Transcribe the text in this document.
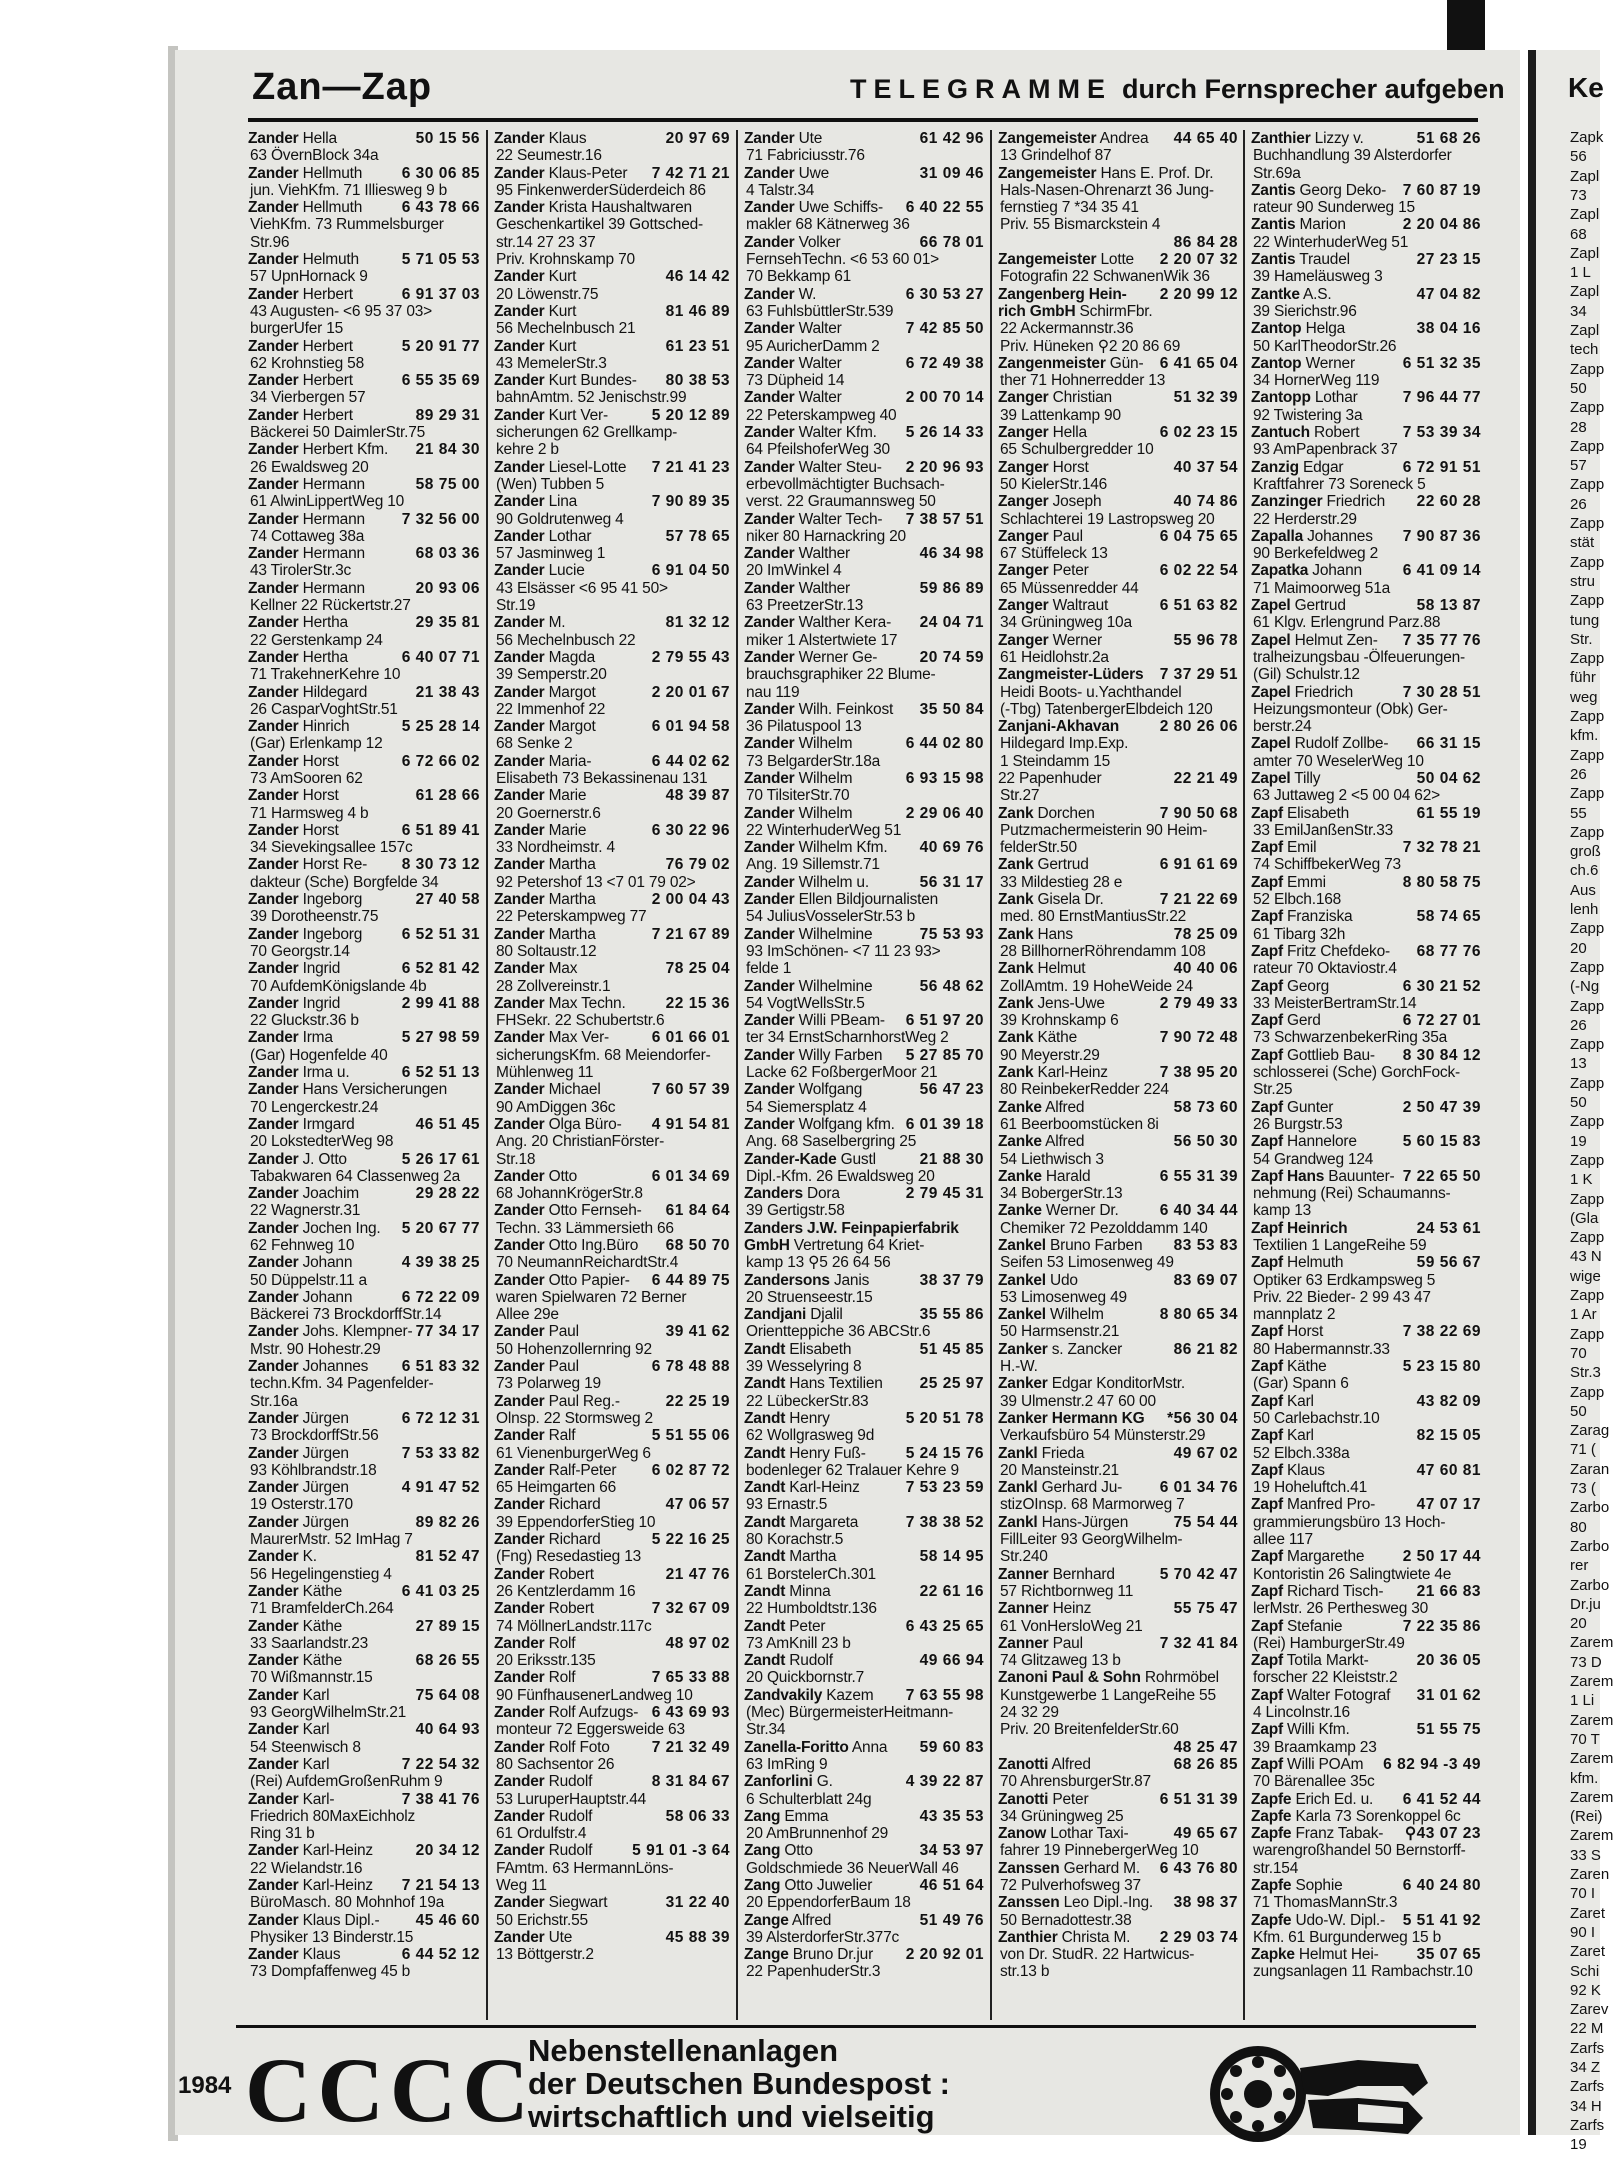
Ke
Zapk
56
Zapl
73
Zapl
68
Zapl
1 L
Zapl
34
Zapl
tech
Zapp
50
Zapp
28
Zapp
57
Zapp
26
Zapp
stät
Zapp
stru
Zapp
tung
Str.
Zapp
führ
weg
Zapp
kfm.
Zapp
26
Zapp
55
Zapp
groß
ch.6
Aus
lenh
Zapp
20
Zapp
(-Ng
Zapp
26
Zapp
13
Zapp
50
Zapp
19
Zapp
1 K
Zapp
(Gla
Zapp
43 N
wige
Zapp
1 Ar
Zapp
70
Str.3
Zapp
50
Zarag
71 (
Zaran
73 (
Zarbo
80
Zarbo
rer
Zarbo
Dr.ju
20
Zarem
73 D
Zarem
1 Li
Zarem
70 T
Zarem
kfm.
Zarem
(Rei)
Zarem
33 S
Zaren
70 I
Zaret
90 I
Zaret
Schi
92 K
Zarev
22 M
Zarfs
34 Z
Zarfs
34 H
Zarfs
19
Zan—Zap	TELEGRAMME durch Fernsprecher aufgeben
Zander Hella	50 15 56
63 ÖvernBlock 34a
Zander Hellmuth	6 30 06 85
jun. ViehKfm. 71 Illiesweg 9 b
Zander Hellmuth	6 43 78 66
ViehKfm. 73 Rummelsburger
Str.96
Zander Helmuth	5 71 05 53
57 UpnHornack 9
Zander Herbert	6 91 37 03
43 Augusten- <6 95 37 03>
burgerUfer 15
Zander Herbert	5 20 91 77
62 Krohnstieg 58
Zander Herbert	6 55 35 69
34 Vierbergen 57
Zander Herbert	89 29 31
Bäckerei 50 DaimlerStr.75
Zander Herbert Kfm. 21 84 30
26 Ewaldsweg 20
Zander Hermann	58 75 00
61 AlwinLippertWeg 10
Zander Hermann 7 32 56 00
74 Cottaweg 38a
Zander Hermann	68 03 36
43 TirolerStr.3c
Zander Hermann	20 93 06
Kellner 22 Rückertstr.27
Zander Hertha	29 35 81
22 Gerstenkamp 24
Zander Hertha	6 40 07 71
71 TrakehnerKehre 10
Zander Hildegard	21 38 43
26 CasparVoghtStr.51
Zander Hinrich	5 25 28 14
(Gar) Erlenkamp 12
Zander Horst	6 72 66 02
73 AmSooren 62
Zander Horst	61 28 66
71 Harmsweg 4 b
Zander Horst	6 51 89 41
34 Sievekingsallee 157c
Zander Horst Re- 8 30 73 12
dakteur (Sche) Borgfelde 34
Zander Ingeborg	27 40 58
39 Dorotheenstr.75
Zander Ingeborg	6 52 51 31
70 Georgstr.14
Zander Ingrid	6 52 81 42
70 AufdemKönigslande 4b
Zander Ingrid	2 99 41 88
22 Gluckstr.36 b
Zander Irma	5 27 98 59
(Gar) Hogenfelde 40
Zander Irma u.	6 52 51 13
Zander Hans Versicherungen
70 Lengerckestr.24
Zander Irmgard	46 51 45
20 LokstedterWeg 98
Zander J. Otto	5 26 17 61
Tabakwaren 64 Classenweg 2a
Zander Joachim	29 28 22
22 Wagnerstr.31
Zander Jochen Ing. 5 20 67 77
62 Fehnweg 10
Zander Johann	4 39 38 25
50 Düppelstr.11 a
Zander Johann	6 72 22 09
Bäckerei 73 BrockdorffStr.14
Zander Johs. Klempner- 77 34 17
Mstr. 90 Hohestr.29
Zander Johannes 6 51 83 32
techn.Kfm. 34 Pagenfelder-
Str.16a
Zander Jürgen	6 72 12 31
73 BrockdorffStr.56
Zander Jürgen	7 53 33 82
93 Köhlbrandstr.18
Zander Jürgen	4 91 47 52
19 Osterstr.170
Zander Jürgen	89 82 26
MaurerMstr. 52 ImHag 7
Zander K.	81 52 47
56 Hegelingenstieg 4
Zander Käthe	6 41 03 25
71 BramfelderCh.264
Zander Käthe	27 89 15
33 Saarlandstr.23
Zander Käthe	68 26 55
70 Wißmannstr.15
Zander Karl	75 64 08
93 GeorgWilhelmStr.21
Zander Karl	40 64 93
54 Steenwisch 8
Zander Karl	7 22 54 32
(Rei) AufdemGroßenRuhm 9
Zander Karl-	7 38 41 76
Friedrich 80MaxEichholz
Ring 31 b
Zander Karl-Heinz	20 34 12
22 Wielandstr.16
Zander Karl-Heinz 7 21 54 13
BüroMasch. 80 Mohnhof 19a
Zander Klaus Dipl.- 45 46 60
Physiker 13 Binderstr.15
Zander Klaus	6 44 52 12
73 Dompfaffenweg 45 b
Zander Klaus	20 97 69
22 Seumestr.16
Zander Klaus-Peter 7 42 71 21
95 FinkenwerderSüderdeich 86
Zander Krista Haushaltwaren
Geschenkartikel 39 Gottsched-
str.14 27 23 37
Priv. Krohnskamp 70
Zander Kurt	46 14 42
20 Löwenstr.75
Zander Kurt	81 46 89
56 Mechelnbusch 21
Zander Kurt	61 23 51
43 MemelerStr.3
Zander Kurt Bundes- 80 38 53
bahnAmtm. 52 Jenischstr.99
Zander Kurt Ver-	5 20 12 89
sicherungen 62 Grellkamp-
kehre 2 b
Zander Liesel-Lotte 7 21 41 23
(Wen) Tubben 5
Zander Lina	7 90 89 35
90 Goldrutenweg 4
Zander Lothar	57 78 65
57 Jasminweg 1
Zander Lucie	6 91 04 50
43 Elsässer <6 95 41 50>
Str.19
Zander M.	81 32 12
56 Mechelnbusch 22
Zander Magda	2 79 55 43
39 Semperstr.20
Zander Margot	2 20 01 67
22 Immenhof 22
Zander Margot	6 01 94 58
68 Senke 2
Zander Maria-	6 44 02 62
Elisabeth 73 Bekassinenau 131
Zander Marie	48 39 87
20 Goernerstr.6
Zander Marie	6 30 22 96
33 Nordheimstr. 4
Zander Martha	76 79 02
92 Petershof 13 <7 01 79 02>
Zander Martha	2 00 04 43
22 Peterskampweg 77
Zander Martha	7 21 67 89
80 Soltaustr.12
Zander Max	78 25 04
28 Zollvereinstr.1
Zander Max Techn.	22 15 36
FHSekr. 22 Schubertstr.6
Zander Max Ver-	6 01 66 01
sicherungsKfm. 68 Meiendorfer-
Mühlenweg 11
Zander Michael	7 60 57 39
90 AmDiggen 36c
Zander Olga Büro- 4 91 54 81
Ang. 20 ChristianFörster-
Str.18
Zander Otto	6 01 34 69
68 JohannKrögerStr.8
Zander Otto Fernseh- 61 84 64
Techn. 33 Lämmersieth 66
Zander Otto Ing.Büro 68 50 70
70 NeumannReichardtStr.4
Zander Otto Papier- 6 44 89 75
waren Spielwaren 72 Berner
Allee 29e
Zander Paul	39 41 62
50 Hohenzollernring 92
Zander Paul	6 78 48 88
73 Polarweg 19
Zander Paul Reg.-	22 25 19
Olnsp. 22 Stormsweg 2
Zander Ralf	5 51 55 06
61 VienenburgerWeg 6
Zander Ralf-Peter 6 02 87 72
65 Heimgarten 66
Zander Richard	47 06 57
39 EppendorferStieg 10
Zander Richard	5 22 16 25
(Fng) Resedastieg 13
Zander Robert	21 47 76
26 Kentzlerdamm 16
Zander Robert	7 32 67 09
74 MöllnerLandstr.117c
Zander Rolf	48 97 02
20 Eriksstr.135
Zander Rolf	7 65 33 88
90 FünfhausenerLandweg 10
Zander Rolf Aufzugs- 6 43 69 93
monteur 72 Eggersweide 63
Zander Rolf Foto	7 21 32 49
80 Sachsentor 26
Zander Rudolf	8 31 84 67
53 LuruperHauptstr.44
Zander Rudolf	58 06 33
61 Ordulfstr.4
Zander Rudolf	5 91 01 -3 64
FAmtm. 63 HermannLöns-
Weg 11
Zander Siegwart	31 22 40
50 Erichstr.55
Zander Ute	45 88 39
13 Böttgerstr.2
Zander Ute	61 42 96
71 Fabriciusstr.76
Zander Uwe	31 09 46
4 Talstr.34
Zander Uwe Schiffs- 6 40 22 55
makler 68 Kätnerweg 36
Zander Volker	66 78 01
FernsehTechn. <6 53 60 01>
70 Bekkamp 61
Zander W.	6 30 53 27
63 FuhlsbüttlerStr.539
Zander Walter	7 42 85 50
95 AuricherDamm 2
Zander Walter	6 72 49 38
73 Düpheid 14
Zander Walter	2 00 70 14
22 Peterskampweg 40
Zander Walter Kfm. 5 26 14 33
64 PfeilshoferWeg 30
Zander Walter Steu- 2 20 96 93
erbevollmächtigter Buchsach-
verst. 22 Graumannsweg 50
Zander Walter Tech- 7 38 57 51
niker 80 Harnackring 20
Zander Walther	46 34 98
20 ImWinkel 4
Zander Walther	59 86 89
63 PreetzerStr.13
Zander Walther Kera- 24 04 71
miker 1 Alstertwiete 17
Zander Werner Ge-	20 74 59
brauchsgraphiker 22 Blume-
nau 119
Zander Wilh. Feinkost 35 50 84
36 Pilatuspool 13
Zander Wilhelm	6 44 02 80
73 BelgarderStr.18a
Zander Wilhelm	6 93 15 98
70 TilsiterStr.70
Zander Wilhelm	2 29 06 40
22 WinterhuderWeg 51
Zander Wilhelm Kfm. 40 69 76
Ang. 19 Sillemstr.71
Zander Wilhelm u.	56 31 17
Zander Ellen Bildjournalisten
54 JuliusVosselerStr.53 b
Zander Wilhelmine	75 53 93
93 ImSchönen- <7 11 23 93>
felde 1
Zander Wilhelmine	56 48 62
54 VogtWellsStr.5
Zander Willi PBeam- 6 51 97 20
ter 34 ErnstScharnhorstWeg 2
Zander Willy Farben 5 27 85 70
Lacke 62 FoßbergerMoor 21
Zander Wolfgang	56 47 23
54 Siemersplatz 4
Zander Wolfgang kfm. 6 01 39 18
Ang. 68 Saselbergring 25
Zander-Kade Gustl	21 88 30
Dipl.-Kfm. 26 Ewaldsweg 20
Zanders Dora	2 79 45 31
39 Gertigstr.58
Zanders J.W. Feinpapierfabrik
GmbH Vertretung 64 Kriet-
kamp 13 ⚲5 26 64 56
Zandersons Janis	38 37 79
20 Struenseestr.15
Zandjani Djalil	35 55 86
Orientteppiche 36 ABCStr.6
Zandt Elisabeth	51 45 85
39 Wesselyring 8
Zandt Hans Textilien 25 25 97
22 LübeckerStr.83
Zandt Henry	5 20 51 78
62 Wollgrasweg 9d
Zandt Henry Fuß-	5 24 15 76
bodenleger 62 Tralauer Kehre 9
Zandt Karl-Heinz	7 53 23 59
93 Ernastr.5
Zandt Margareta	7 38 38 52
80 Korachstr.5
Zandt Martha	58 14 95
61 BorstelerCh.301
Zandt Minna	22 61 16
22 Humboldtstr.136
Zandt Peter	6 43 25 65
73 AmKnill 23 b
Zandt Rudolf	49 66 94
20 Quickbornstr.7
Zandvakily Kazem 7 63 55 98
(Mec) BürgermeisterHeitmann-
Str.34
Zanella-Foritto Anna 59 60 83
63 ImRing 9
Zanforlini G.	4 39 22 87
6 Schulterblatt 24g
Zang Emma	43 35 53
20 AmBrunnenhof 29
Zang Otto	34 53 97
Goldschmiede 36 NeuerWall 46
Zang Otto Juwelier	46 51 64
20 EppendorferBaum 18
Zange Alfred	51 49 76
39 AlsterdorferStr.377c
Zange Bruno Dr.jur 2 20 92 01
22 PapenhuderStr.3
Zangemeister Andrea 44 65 40
13 Grindelhof 87
Zangemeister Hans E. Prof. Dr.
Hals-Nasen-Ohrenarzt 36 Jung-
fernstieg 7 *34 35 41
Priv. 55 Bismarckstein 4
86 84 28
Zangemeister Lotte 2 20 07 32
Fotografin 22 SchwanenWik 36
Zangenberg Hein- 2 20 99 12
rich GmbH SchirmFbr.
22 Ackermannstr.36
Priv. Hüneken ⚲2 20 86 69
Zangenmeister Gün- 6 41 65 04
ther 71 Hohnerredder 13
Zanger Christian	51 32 39
39 Lattenkamp 90
Zanger Hella	6 02 23 15
65 Schulbergredder 10
Zanger Horst	40 37 54
50 KielerStr.146
Zanger Joseph	40 74 86
Schlachterei 19 Lastropsweg 20
Zanger Paul	6 04 75 65
67 Stüffeleck 13
Zanger Peter	6 02 22 54
65 Müssenredder 44
Zanger Waltraut	6 51 63 82
34 Grüningweg 10a
Zanger Werner	55 96 78
61 Heidlohstr.2a
Zangmeister-Lüders 7 37 29 51
Heidi Boots- u.Yachthandel
(-Tbg) TatenbergerElbdeich 120
Zanjani-Akhavan	2 80 26 06
Hildegard Imp.Exp.
1 Steindamm 15
22 Papenhuder	22 21 49
Str.27
Zank Dorchen	7 90 50 68
Putzmachermeisterin 90 Heim-
felderStr.50
Zank Gertrud	6 91 61 69
33 Mildestieg 28 e
Zank Gisela Dr.	7 21 22 69
med. 80 ErnstMantiusStr.22
Zank Hans	78 25 09
28 BillhornerRöhrendamm 108
Zank Helmut	40 40 06
ZollAmtm. 19 HoheWeide 24
Zank Jens-Uwe	2 79 49 33
39 Krohnskamp 6
Zank Käthe	7 90 72 48
90 Meyerstr.29
Zank Karl-Heinz	7 38 95 20
80 ReinbekerRedder 224
Zanke Alfred	58 73 60
61 Beerboomstücken 8i
Zanke Alfred	56 50 30
54 Liethwisch 3
Zanke Harald	6 55 31 39
34 BobergerStr.13
Zanke Werner Dr.	6 40 34 44
Chemiker 72 Pezolddamm 140
Zankel Bruno Farben 83 53 83
Seifen 53 Limosenweg 49
Zankel Udo	83 69 07
53 Limosenweg 49
Zankel Wilhelm	8 80 65 34
50 Harmsenstr.21
Zanker s. Zancker	86 21 82
H.-W.
Zanker Edgar KonditorMstr.
39 Ulmenstr.2 47 60 00
Zanker Hermann KG *56 30 04
Verkaufsbüro 54 Münsterstr.29
Zankl Frieda	49 67 02
20 Mansteinstr.21
Zankl Gerhard Ju- 6 01 34 76
stizOInsp. 68 Marmorweg 7
Zankl Hans-Jürgen	75 54 44
FillLeiter 93 GeorgWilhelm-
Str.240
Zanner Bernhard	5 70 42 47
57 Richtbornweg 11
Zanner Heinz	55 75 47
61 VonHersloWeg 21
Zanner Paul	7 32 41 84
74 Glitzaweg 13 b
Zanoni Paul & Sohn Rohrmöbel
Kunstgewerbe 1 LangeReihe 55
24 32 29
Priv. 20 BreitenfelderStr.60
48 25 47
Zanotti Alfred	68 26 85
70 AhrensburgerStr.87
Zanotti Peter	6 51 31 39
34 Grüningweg 25
Zanow Lothar Taxi-	49 65 67
fahrer 19 PinnebergerWeg 10
Zanssen Gerhard M. 6 43 76 80
72 Pulverhofsweg 37
Zanssen Leo Dipl.-Ing. 38 98 37
50 Bernadottestr.38
Zanthier Christa M. 2 29 03 74
von Dr. StudR. 22 Hartwicus-
str.13 b
Zanthier Lizzy v.	51 68 26
Buchhandlung 39 Alsterdorfer
Str.69a
Zantis Georg Deko- 7 60 87 19
rateur 90 Sunderweg 15
Zantis Marion	2 20 04 86
22 WinterhuderWeg 51
Zantis Traudel	27 23 15
39 Hameläusweg 3
Zantke A.S.	47 04 82
39 Sierichstr.96
Zantop Helga	38 04 16
50 KarlTheodorStr.26
Zantop Werner	6 51 32 35
34 HornerWeg 119
Zantopp Lothar	7 96 44 77
92 Twistering 3a
Zantuch Robert	7 53 39 34
93 AmPapenbrack 37
Zanzig Edgar	6 72 91 51
Kraftfahrer 73 Soreneck 5
Zanzinger Friedrich 22 60 28
22 Herderstr.29
Zapalla Johannes 7 90 87 36
90 Berkefeldweg 2
Zapatka Johann	6 41 09 14
71 Maimoorweg 51a
Zapel Gertrud	58 13 87
61 Klgv. Erlengrund Parz.88
Zapel Helmut Zen- 7 35 77 76
tralheizungsbau -Ölfeuerungen-
(Gil) Schulstr.12
Zapel Friedrich	7 30 28 51
Heizungsmonteur (Obk) Ger-
berstr.24
Zapel Rudolf Zollbe- 66 31 15
amter 70 WeselerWeg 10
Zapel Tilly	50 04 62
63 Juttaweg 2 <5 00 04 62>
Zapf Elisabeth	61 55 19
33 EmilJanßenStr.33
Zapf Emil	7 32 78 21
74 SchiffbekerWeg 73
Zapf Emmi	8 80 58 75
52 Elbch.168
Zapf Franziska	58 74 65
61 Tibarg 32h
Zapf Fritz Chefdeko- 68 77 76
rateur 70 Oktaviostr.4
Zapf Georg	6 30 21 52
33 MeisterBertramStr.14
Zapf Gerd	6 72 27 01
73 SchwarzenbekerRing 35a
Zapf Gottlieb Bau- 8 30 84 12
schlosserei (Sche) GorchFock-
Str.25
Zapf Gunter	2 50 47 39
26 Burgstr.53
Zapf Hannelore	5 60 15 83
54 Grandweg 124
Zapf Hans Bauunter- 7 22 65 50
nehmung (Rei) Schaumanns-
kamp 13
Zapf Heinrich	24 53 61
Textilien 1 LangeReihe 59
Zapf Helmuth	59 56 67
Optiker 63 Erdkampsweg 5
Priv. 22 Bieder- 2 99 43 47
mannplatz 2
Zapf Horst	7 38 22 69
80 Habermannstr.33
Zapf Käthe	5 23 15 80
(Gar) Spann 6
Zapf Karl	43 82 09
50 Carlebachstr.10
Zapf Karl	82 15 05
52 Elbch.338a
Zapf Klaus	47 60 81
19 Hoheluftch.41
Zapf Manfred Pro-	47 07 17
grammierungsbüro 13 Hoch-
allee 117
Zapf Margarethe 2 50 17 44
Kontoristin 26 Salingtwiete 4e
Zapf Richard Tisch- 21 66 83
lerMstr. 26 Perthesweg 30
Zapf Stefanie	7 22 35 86
(Rei) HamburgerStr.49
Zapf Totila Markt-	20 36 05
forscher 22 Kleiststr.2
Zapf Walter Fotograf 31 01 62
4 Lincolnstr.16
Zapf Willi Kfm.	51 55 75
39 Braamkamp 23
Zapf Willi POAm 6 82 94 -3 49
70 Bärenallee 35c
Zapfe Erich Ed. u. 6 41 52 44
Zapfe Karla 73 Sorenkoppel 6c
Zapfe Franz Tabak- ⚲43 07 23
warengroßhandel 50 Bernstorff-
str.154
Zapfe Sophie	6 40 24 80
71 ThomasMannStr.3
Zapfe Udo-W. Dipl.- 5 51 41 92
Kfm. 61 Burgunderweg 15 b
Zapke Helmut Hei- 35 07 65
zungsanlagen 11 Rambachstr.10
1984 CCCC
Nebenstellenanlagen
der Deutschen Bundespost :
wirtschaftlich und vielseitig
